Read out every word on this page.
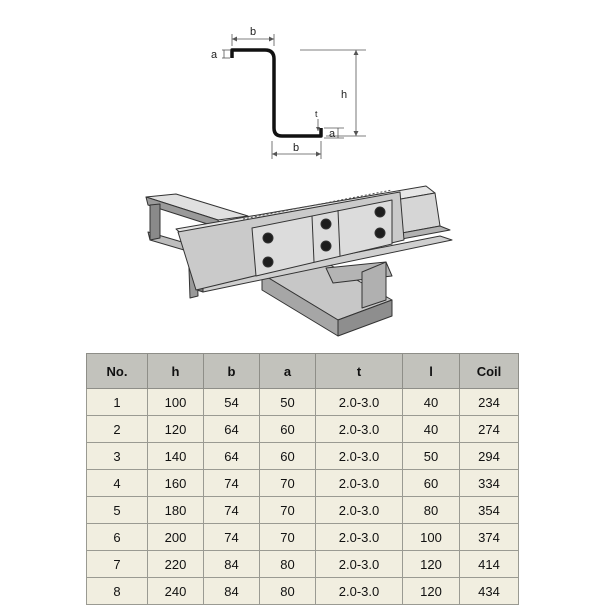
b
a
h
t
a
b
No.	h	b	a	t	l	Coil
1	100	54	50	2.0-3.0	40	234
2	120	64	60	2.0-3.0	40	274
3	140	64	60	2.0-3.0	50	294
4	160	74	70	2.0-3.0	60	334
5	180	74	70	2.0-3.0	80	354
6	200	74	70	2.0-3.0	100	374
7	220	84	80	2.0-3.0	120	414
8	240	84	80	2.0-3.0	120	434
